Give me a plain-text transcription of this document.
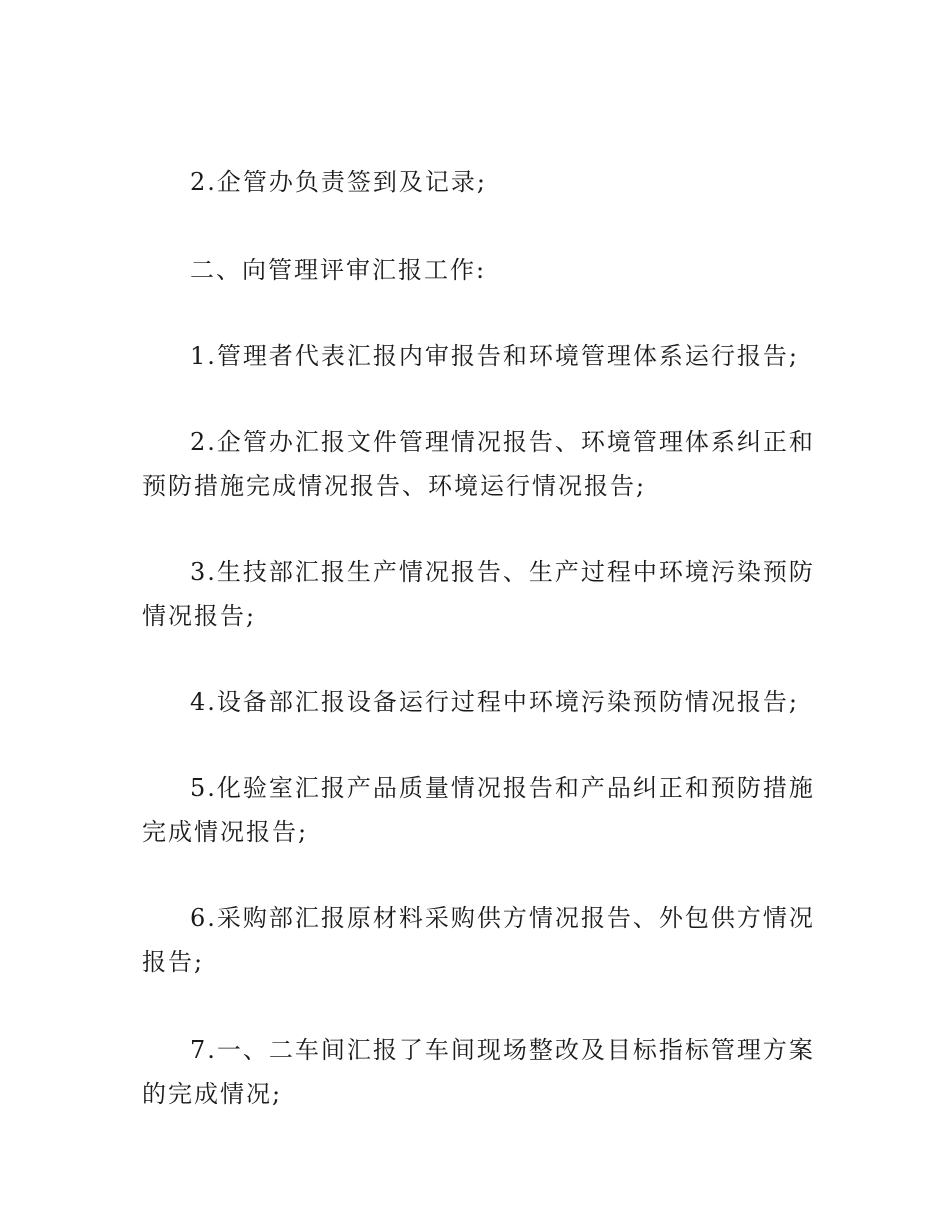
2.企管办负责签到及记录;

二、向管理评审汇报工作:

1.管理者代表汇报内审报告和环境管理体系运行报告;

2.企管办汇报文件管理情况报告、环境管理体系纠正和预防措施完成情况报告、环境运行情况报告;

3.生技部汇报生产情况报告、生产过程中环境污染预防情况报告;

4.设备部汇报设备运行过程中环境污染预防情况报告;

5.化验室汇报产品质量情况报告和产品纠正和预防措施完成情况报告;

6.采购部汇报原材料采购供方情况报告、外包供方情况报告;

7.一、二车间汇报了车间现场整改及目标指标管理方案的完成情况;
